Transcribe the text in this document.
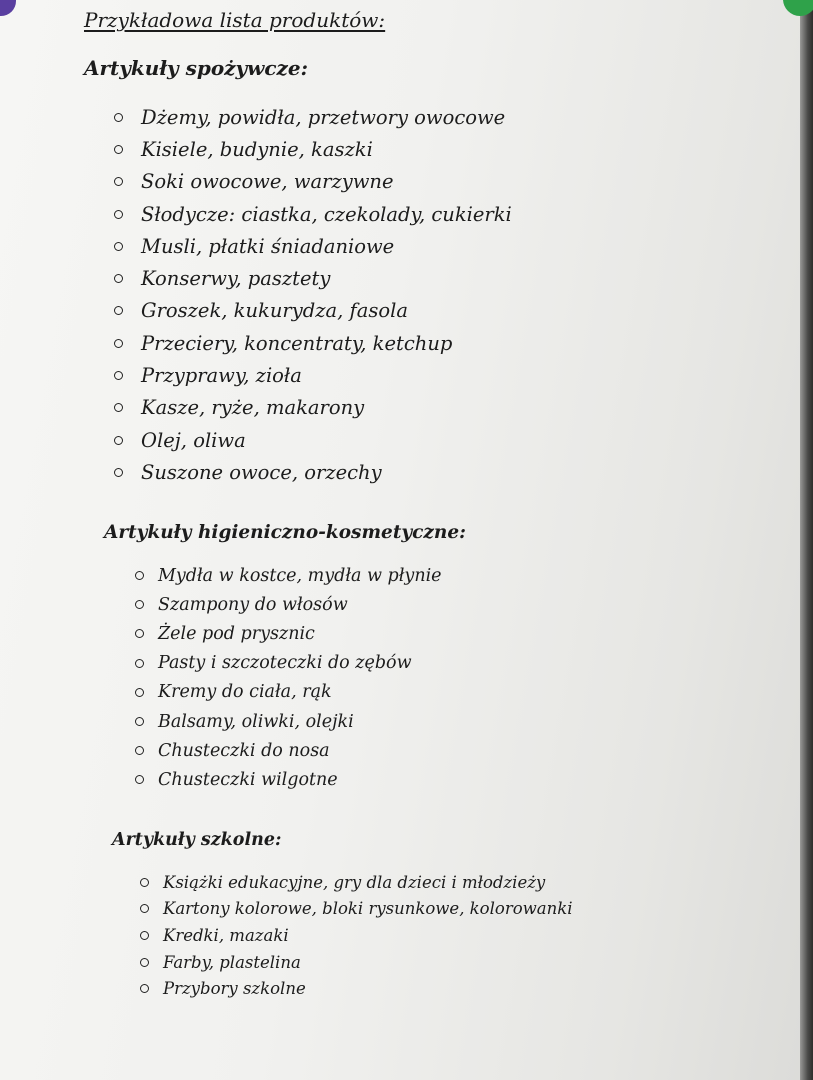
Przykładowa lista produktów:
Artykuły spożywcze:
Dżemy, powidła, przetwory owocowe
Kisiele, budynie, kaszki
Soki owocowe, warzywne
Słodycze: ciastka, czekolady, cukierki
Musli, płatki śniadaniowe
Konserwy, pasztety
Groszek, kukurydza, fasola
Przeciery, koncentraty, ketchup
Przyprawy, zioła
Kasze, ryże, makarony
Olej, oliwa
Suszone owoce, orzechy
Artykuły higieniczno-kosmetyczne:
Mydła w kostce, mydła w płynie
Szampony do włosów
Żele pod prysznic
Pasty i szczoteczki do zębów
Kremy do ciała, rąk
Balsamy, oliwki, olejki
Chusteczki do nosa
Chusteczki wilgotne
Artykuły szkolne:
Książki edukacyjne, gry dla dzieci i młodzieży
Kartony kolorowe, bloki rysunkowe, kolorowanki
Kredki, mazaki
Farby, plastelina
Przybory szkolne
